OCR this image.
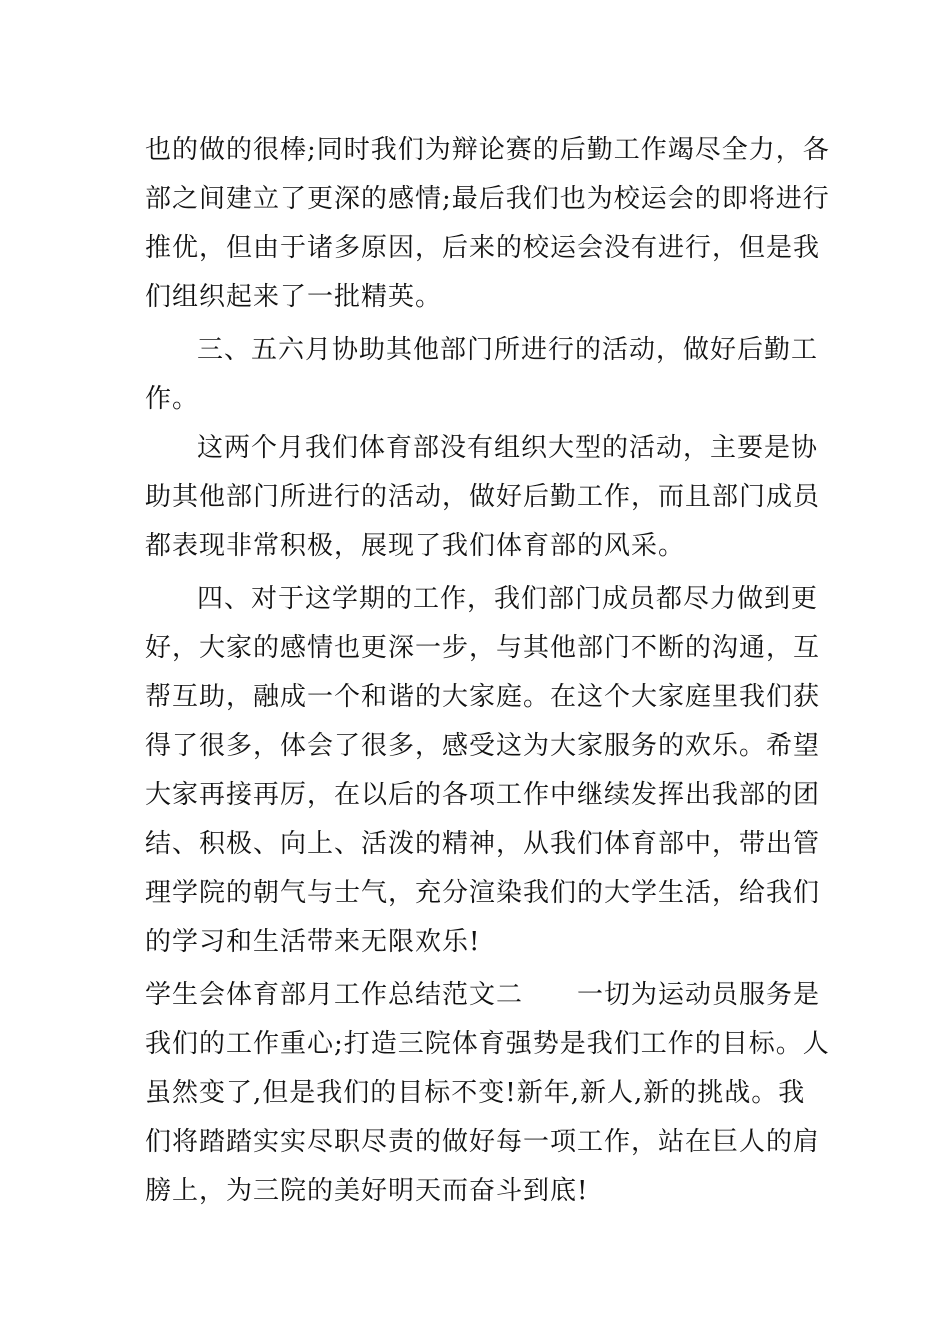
也的做的很棒;同时我们为辩论赛的后勤工作竭尽全力，各
部之间建立了更深的感情;最后我们也为校运会的即将进行
推优，但由于诸多原因，后来的校运会没有进行，但是我
们组织起来了一批精英。
三、五六月协助其他部门所进行的活动，做好后勤工
作。
这两个月我们体育部没有组织大型的活动，主要是协
助其他部门所进行的活动，做好后勤工作，而且部门成员
都表现非常积极，展现了我们体育部的风采。
四、对于这学期的工作，我们部门成员都尽力做到更
好，大家的感情也更深一步，与其他部门不断的沟通，互
帮互助，融成一个和谐的大家庭。在这个大家庭里我们获
得了很多，体会了很多，感受这为大家服务的欢乐。希望
大家再接再厉，在以后的各项工作中继续发挥出我部的团
结、积极、向上、活泼的精神，从我们体育部中，带出管
理学院的朝气与士气，充分渲染我们的大学生活，给我们
的学习和生活带来无限欢乐!
学生会体育部月工作总结范文二　　一切为运动员服务是
我们的工作重心;打造三院体育强势是我们工作的目标。人
虽然变了,但是我们的目标不变!新年,新人,新的挑战。我
们将踏踏实实尽职尽责的做好每一项工作，站在巨人的肩
膀上，为三院的美好明天而奋斗到底!
